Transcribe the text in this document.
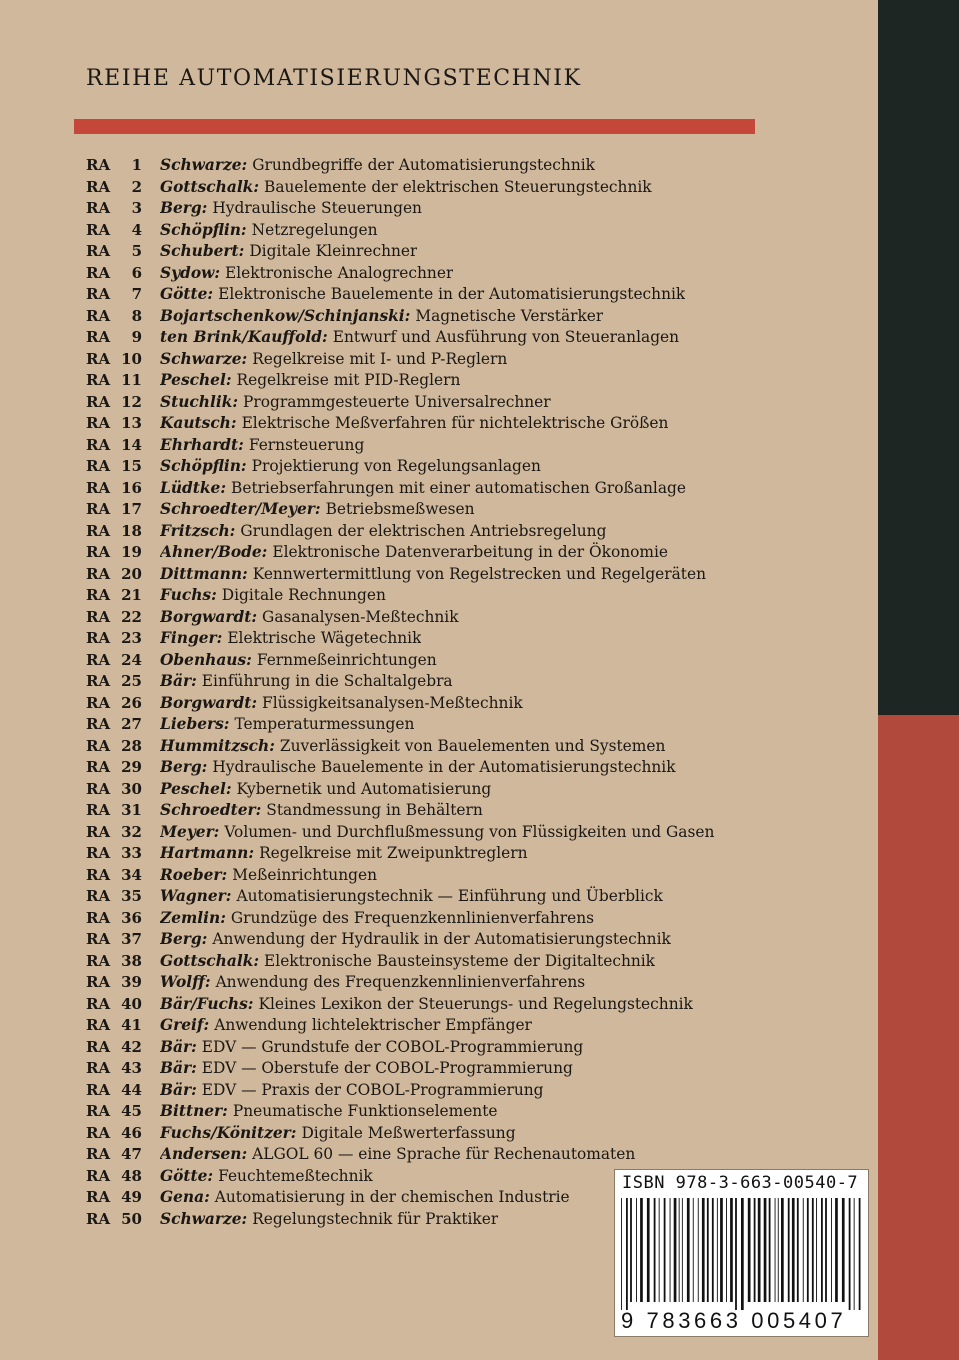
REIHE AUTOMATISIERUNGSTECHNIK
RA	1 Schwarze: Grundbegriffe der Automatisierungstechnik
RA	2 Gottschalk: Bauelemente der elektrischen Steuerungstechnik
RA	3 Berg: Hydraulische Steuerungen
RA	4 Schöpflin: Netzregelungen
RA	5 Schubert: Digitale Kleinrechner
RA	6 Sydow: Elektronische Analogrechner
RA	7 Götte: Elektronische Bauelemente in der Automatisierungstechnik
RA	8 Bojartschenkow/Schinjanski: Magnetische Verstärker
RA	9 ten Brink/Kauffold: Entwurf und Ausführung von Steueranlagen
RA 10 Schwarze: Regelkreise mit I- und P-Reglern
RA 11 Peschel: Regelkreise mit PID-Reglern
RA 12 Stuchlik: Programmgesteuerte Universalrechner
RA 13 Kautsch: Elektrische Meßverfahren für nichtelektrische Größen
RA 14 Ehrhardt: Fernsteuerung
RA 15 Schöpflin: Projektierung von Regelungsanlagen
RA 16 Lüdtke: Betriebserfahrungen mit einer automatischen Großanlage
RA 17 Schroedter/Meyer: Betriebsmeßwesen
RA 18 Fritzsch: Grundlagen der elektrischen Antriebsregelung
RA 19 Ahner/Bode: Elektronische Datenverarbeitung in der Ökonomie
RA 20 Dittmann: Kennwertermittlung von Regelstrecken und Regelgeräten
RA 21 Fuchs: Digitale Rechnungen
RA 22 Borgwardt: Gasanalysen-Meßtechnik
RA 23 Finger: Elektrische Wägetechnik
RA 24 Obenhaus: Fernmeßeinrichtungen
RA 25 Bär: Einführung in die Schaltalgebra
RA 26 Borgwardt: Flüssigkeitsanalysen-Meßtechnik
RA 27 Liebers: Temperaturmessungen
RA 28 Hummitzsch: Zuverlässigkeit von Bauelementen und Systemen
RA 29 Berg: Hydraulische Bauelemente in der Automatisierungstechnik
RA 30 Peschel: Kybernetik und Automatisierung
RA 31 Schroedter: Standmessung in Behältern
RA 32 Meyer: Volumen- und Durchflußmessung von Flüssigkeiten und Gasen
RA 33 Hartmann: Regelkreise mit Zweipunktreglern
RA 34 Roeber: Meßeinrichtungen
RA 35 Wagner: Automatisierungstechnik — Einführung und Überblick
RA 36 Zemlin: Grundzüge des Frequenzkennlinienverfahrens
RA 37 Berg: Anwendung der Hydraulik in der Automatisierungstechnik
RA 38 Gottschalk: Elektronische Bausteinsysteme der Digitaltechnik
RA 39 Wolff: Anwendung des Frequenzkennlinienverfahrens
RA 40 Bär/Fuchs: Kleines Lexikon der Steuerungs- und Regelungstechnik
RA 41 Greif: Anwendung lichtelektrischer Empfänger
RA 42 Bär: EDV — Grundstufe der COBOL-Programmierung
RA 43 Bär: EDV — Oberstufe der COBOL-Programmierung
RA 44 Bär: EDV — Praxis der COBOL-Programmierung
RA 45 Bittner: Pneumatische Funktionselemente
RA 46 Fuchs/Könitzer: Digitale Meßwerterfassung
RA 47 Andersen: ALGOL 60 — eine Sprache für Rechenautomaten
RA 48 Götte: Feuchtemeßtechnik
RA 49 Gena: Automatisierung in der chemischen Industrie
RA 50 Schwarze: Regelungstechnik für Praktiker
ISBN 978-3-663-00540-7
9 783663 005407
